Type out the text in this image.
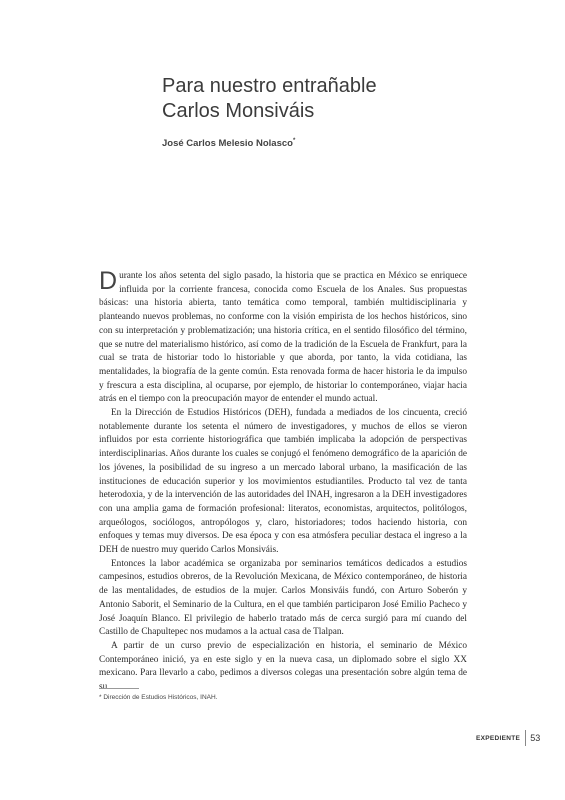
Para nuestro entrañable
Carlos Monsiváis
José Carlos Melesio Nolasco*

Durante los años setenta del siglo pasado, la historia que se practica en México se enriquece influida por la corriente francesa, conocida como Escuela de los Anales. Sus propuestas básicas: una historia abierta, tanto temática como temporal, también multidisciplinaria y planteando nuevos problemas, no conforme con la visión empirista de los hechos históricos, sino con su interpretación y problematización; una historia crítica, en el sentido filosófico del término, que se nutre del materialismo histórico, así como de la tradición de la Escuela de Frankfurt, para la cual se trata de historiar todo lo historiable y que aborda, por tanto, la vida cotidiana, las mentalidades, la biografía de la gente común. Esta renovada forma de hacer historia le da impulso y frescura a esta disciplina, al ocuparse, por ejemplo, de historiar lo contemporáneo, viajar hacia atrás en el tiempo con la preocupación mayor de entender el mundo actual.

En la Dirección de Estudios Históricos (DEH), fundada a mediados de los cincuenta, creció notablemente durante los setenta el número de investigadores, y muchos de ellos se vieron influidos por esta corriente historiográfica que también implicaba la adopción de perspectivas interdisciplinarias. Años durante los cuales se conjugó el fenómeno demográfico de la aparición de los jóvenes, la posibilidad de su ingreso a un mercado laboral urbano, la masificación de las instituciones de educación superior y los movimientos estudiantiles. Producto tal vez de tanta heterodoxia, y de la intervención de las autoridades del INAH, ingresaron a la DEH investigadores con una amplia gama de formación profesional: literatos, economistas, arquitectos, politólogos, arqueólogos, sociólogos, antropólogos y, claro, historiadores; todos haciendo historia, con enfoques y temas muy diversos. De esa época y con esa atmósfera peculiar destaca el ingreso a la DEH de nuestro muy querido Carlos Monsiváis.

Entonces la labor académica se organizaba por seminarios temáticos dedicados a estudios campesinos, estudios obreros, de la Revolución Mexicana, de México contemporáneo, de historia de las mentalidades, de estudios de la mujer. Carlos Monsiváis fundó, con Arturo Soberón y Antonio Saborit, el Seminario de la Cultura, en el que también participaron José Emilio Pacheco y José Joaquín Blanco. El privilegio de haberlo tratado más de cerca surgió para mí cuando del Castillo de Chapultepec nos mudamos a la actual casa de Tlalpan.

A partir de un curso previo de especialización en historia, el seminario de México Contemporáneo inició, ya en este siglo y en la nueva casa, un diplomado sobre el siglo XX mexicano. Para llevarlo a cabo, pedimos a diversos colegas una presentación sobre algún tema de su

* Dirección de Estudios Históricos, INAH.
EXPEDIENTE 53
